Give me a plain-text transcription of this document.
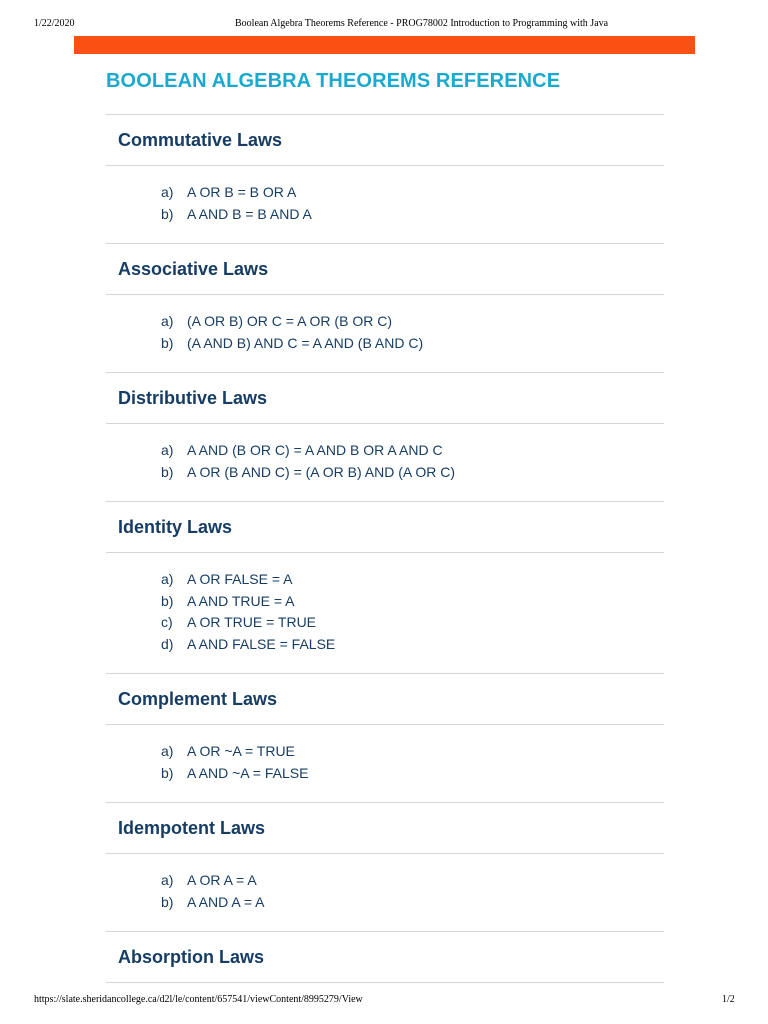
1/22/2020	Boolean Algebra Theorems Reference - PROG78002 Introduction to Programming with Java
BOOLEAN ALGEBRA THEOREMS REFERENCE
Commutative Laws
a) A OR B = B OR A
b) A AND B = B AND A
Associative Laws
a) (A OR B) OR C = A OR (B OR C)
b) (A AND B) AND C = A AND (B AND C)
Distributive Laws
a) A AND (B OR C) = A AND B OR A AND C
b) A OR (B AND C) = (A OR B) AND (A OR C)
Identity Laws
a) A OR FALSE = A
b) A AND TRUE = A
c)	A OR TRUE = TRUE
d) A AND FALSE = FALSE
Complement Laws
a) A OR ~A = TRUE
b) A AND ~A = FALSE
Idempotent Laws
a) A OR A = A
b) A AND A = A
Absorption Laws
https://slate.sheridancollege.ca/d2l/le/content/657541/viewContent/8995279/View	1/2
